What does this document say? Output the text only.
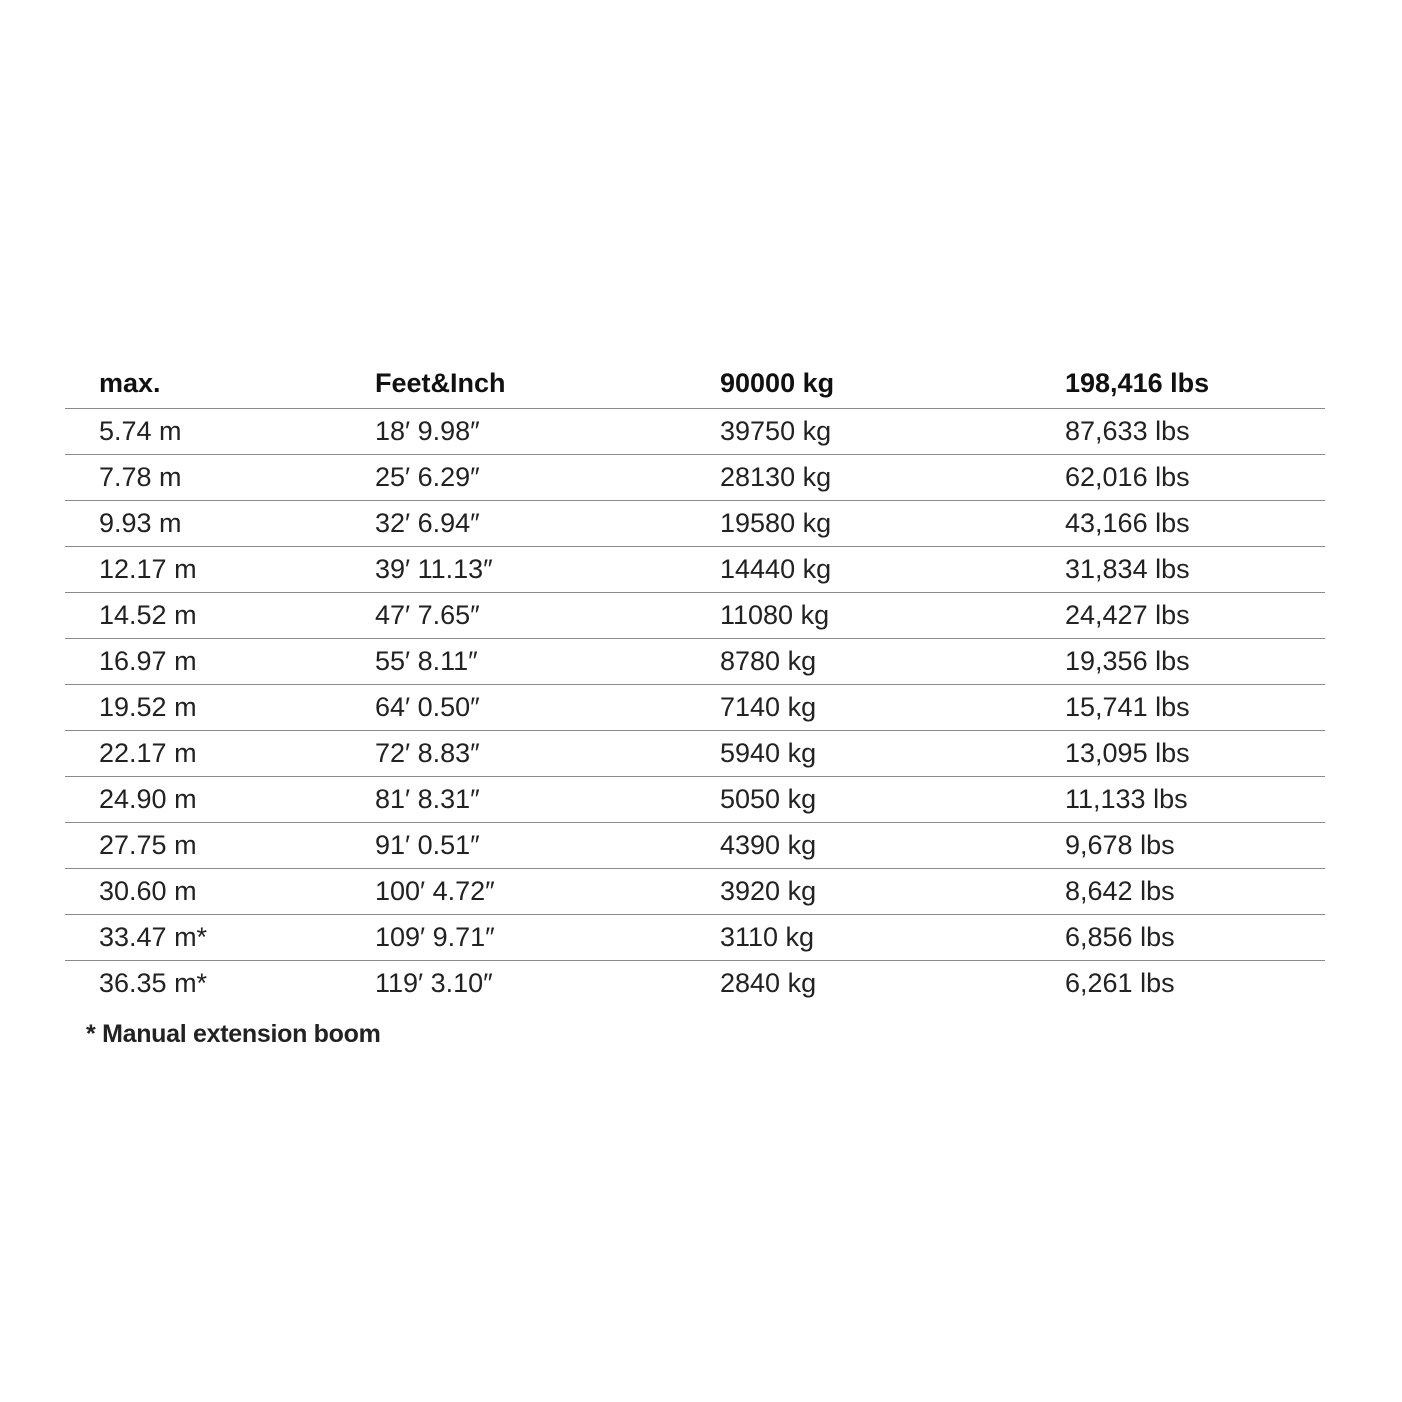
max.	Feet&Inch	90000 kg	198,416 lbs
5.74 m	18′ 9.98″	39750 kg	87,633 lbs
7.78 m	25′ 6.29″	28130 kg	62,016 lbs
9.93 m	32′ 6.94″	19580 kg	43,166 lbs
12.17 m	39′ 11.13″	14440 kg	31,834 lbs
14.52 m	47′ 7.65″	11080 kg	24,427 lbs
16.97 m	55′ 8.11″	8780 kg	19,356 lbs
19.52 m	64′ 0.50″	7140 kg	15,741 lbs
22.17 m	72′ 8.83″	5940 kg	13,095 lbs
24.90 m	81′ 8.31″	5050 kg	11,133 lbs
27.75 m	91′ 0.51″	4390 kg	9,678 lbs
30.60 m	100′ 4.72″	3920 kg	8,642 lbs
33.47 m*	109′ 9.71″	3110 kg	6,856 lbs
36.35 m*	119′ 3.10″	2840 kg	6,261 lbs
* Manual extension boom
